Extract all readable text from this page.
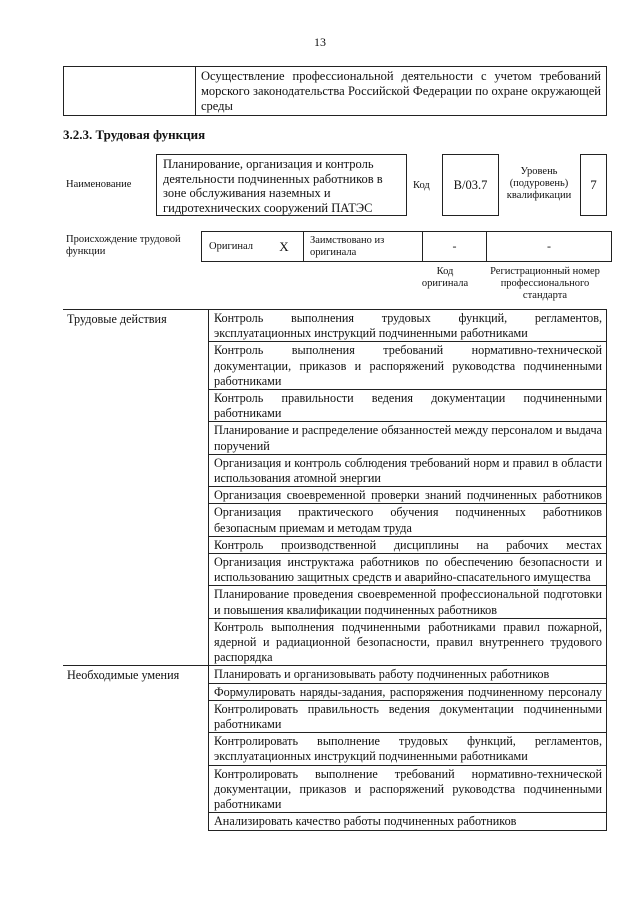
13
	Осуществление профессиональной деятельности с учетом требований морского законодательства Российской Федерации по охране окружающей среды
3.2.3. Трудовая функция
Наименование
Планирование, организация и контроль деятельности подчиненных работников в зоне обслуживания наземных и гидротехнических сооружений ПАТЭС
Код	B/03.7
Уровень (подуровень) квалификации
7
Происхождение трудовой функции	Оригинал	X	Заимствовано из оригинала	-	-
Код оригинала
Регистрационный номер профессионального стандарта
Трудовые действия	Контроль выполнения трудовых функций, регламентов, эксплуатационных инструкций подчиненными работниками
	Контроль выполнения требований нормативно-технической документации, приказов и распоряжений руководства подчиненными работниками
	Контроль правильности ведения документации подчиненными работниками
	Планирование и распределение обязанностей между персоналом и выдача поручений
	Организация и контроль соблюдения требований норм и правил в области использования атомной энергии
	Организация своевременной проверки знаний подчиненных работников
	Организация практического обучения подчиненных работников безопасным приемам и методам труда
	Контроль производственной дисциплины на рабочих местах
	Организация инструктажа работников по обеспечению безопасности и использованию защитных средств и аварийно-спасательного имущества
	Планирование проведения своевременной профессиональной подготовки и повышения квалификации подчиненных работников
	Контроль выполнения подчиненными работниками правил пожарной, ядерной и радиационной безопасности, правил внутреннего трудового распорядка
Необходимые умения	Планировать и организовывать работу подчиненных работников
	Формулировать наряды-задания, распоряжения подчиненному персоналу
	Контролировать правильность ведения документации подчиненными работниками
	Контролировать выполнение трудовых функций, регламентов, эксплуатационных инструкций подчиненными работниками
	Контролировать выполнение требований нормативно-технической документации, приказов и распоряжений руководства подчиненными работниками
	Анализировать качество работы подчиненных работников
